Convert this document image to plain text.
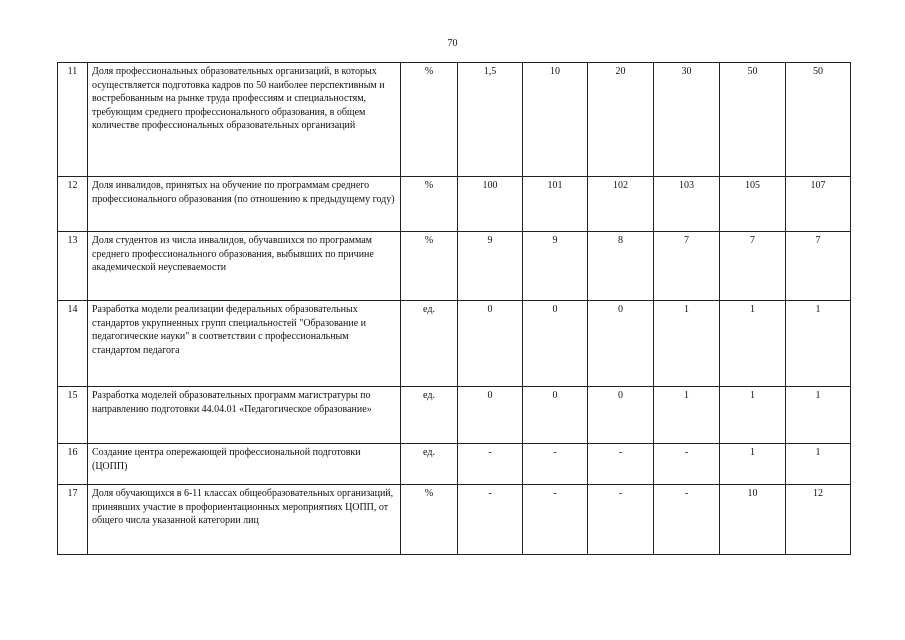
70
11	Доля профессиональных образовательных организаций, в которых осуществляется подготовка кадров по 50 наиболее перспективным и востребованным на рынке труда профессиям и специальностям, требующим среднего профессионального образования, в общем количестве профессиональных образовательных организаций	%	1,5	10	20	30	50	50
12	Доля инвалидов, принятых на обучение по программам среднего профессионального образования (по отношению к предыдущему году)	%	100	101	102	103	105	107
13	Доля студентов из числа инвалидов, обучавшихся по программам среднего профессионального образования, выбывших по причине академической неуспеваемости	%	9	9	8	7	7	7
14	Разработка модели реализации федеральных образовательных стандартов укрупненных групп специальностей "Образование и педагогические науки" в соответствии с профессиональным стандартом педагога	ед.	0	0	0	1	1	1
15	Разработка моделей образовательных программ магистратуры по направлению подготовки 44.04.01 «Педагогическое образование»	ед.	0	0	0	1	1	1
16	Создание центра опережающей профессиональной подготовки (ЦОПП)	ед.	-	-	-	-	1	1
17	Доля обучающихся в 6-11 классах общеобразовательных организаций, принявших участие в профориентационных мероприятиях ЦОПП, от общего числа указанной категории лиц	%	-	-	-	-	10	12
